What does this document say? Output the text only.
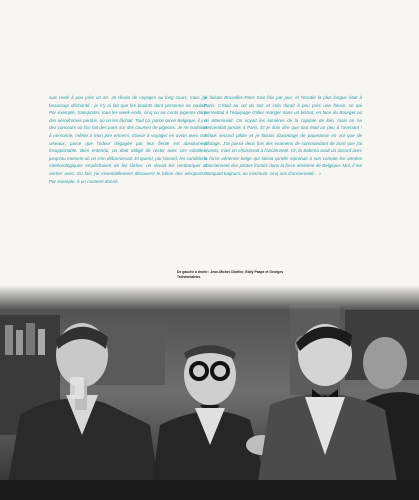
suis resté à peu près un an. Je rêvais de voyages au long cours, mais j'ai beaucoup déchanté : je n'y ai fait que les boulots dont personne ne voulait. Par exemple, transporter, tous les week-ends, cinq ou six cents pigeons dans des aérodromes perdus, où on les lâchait. Tout ça, parce qu'en Belgique, il y a des concours où l'on fait des paris sur des courses de pigeons. Je ne souhaite à personne, même à mon pire ennemi, d'avoir à voyager en avion avec ces oiseaux, parce que l'odeur dégagée par leur fiente est absolument insupportable. Bien entendu, on était obligé de rester avec ces volatiles, jusqu'au moment où on s'en débarrassait. Et quand, par hasard, les conditions météorologiques empêchaient de les lâcher, on devait les rembarquer et rentrer avec. En fait, j'ai essentiellement découvert le béton des aéroports ! Par exemple, à un moment donné,

je faisais Bruxelles-Paris trois fois par jour, et l'escale la plus longue était à Paris. C'était au vol du soir et cela durait à peu près une heure, ce qui permettait à l'équipage d'aller manger dans un bistrot, en face du Bourget où on atterrissait. On voyait les lumières de la capitale de loin, mais on ne descendait jamais à Paris. Et je dois dire que tout était un peu à l'avenant ! J'étais second pilote et je faisais davantage de paperasse en vol que de pilotage. J'ai passé deux fois des examens de commandant de bord que j'ai réussis, mais on choisissait à l'ancienneté. Or, la Sabena avait un accord avec la force aérienne belge qui faisait qu'elle reprenait à son compte les années d'ancienneté des pilotes formés dans la force aérienne de Belgique. Moi, il me manquait toujours, au minimum, cinq ans d'ancienneté... »

De gauche à droite : Jean-Michel Charlier, Eddy Paape et Georges Troisfontaines.
